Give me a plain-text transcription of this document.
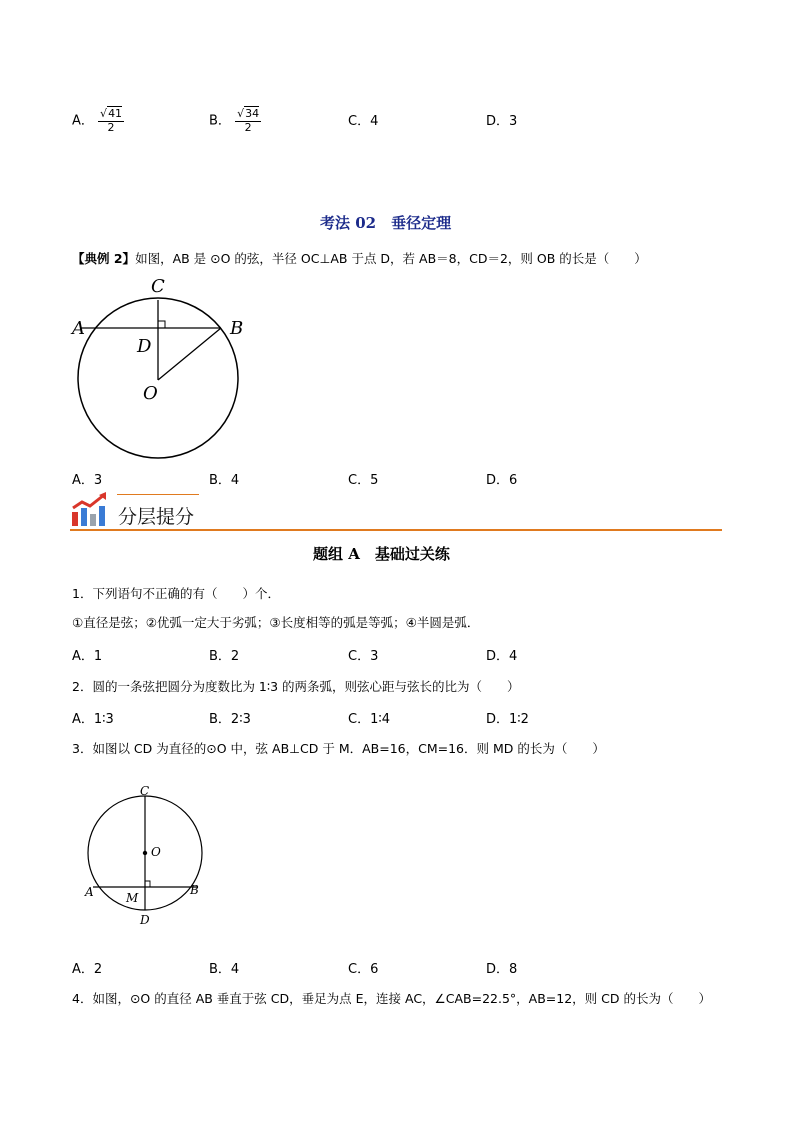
A． $\frac{√41}{2}$	B． $\frac{√34}{2}$	C．4	D．3
考法 02　垂径定理
【典例 2】如图，AB 是 ⊙O 的弦，半径 OC⊥AB 于点 D，若 AB＝8，CD＝2，则 OB 的长是（　　）
C
A	B
D
O
A．3	B．4	C．5	D．6
分层提分
题组 A　基础过关练
1．下列语句不正确的有（　　）个．
①直径是弦；②优弧一定大于劣弧；③长度相等的弧是等弧；④半圆是弧．
A．1	B．2	C．3	D．4
2．圆的一条弦把圆分为度数比为 1∶3 的两条弧，则弦心距与弦长的比为（　　）
A．1∶3	B．2∶3	C．1∶4	D．1∶2
3．如图以 CD 为直径的⊙O 中，弦 AB⊥CD 于 M．AB=16，CM=16．则 MD 的长为（　　）
C
O
A	B
M
D
A．2	B．4	C．6	D．8
4．如图，⊙O 的直径 AB 垂直于弦 CD，垂足为点 E，连接 AC，∠CAB=22.5°，AB=12，则 CD 的长为（　　）
